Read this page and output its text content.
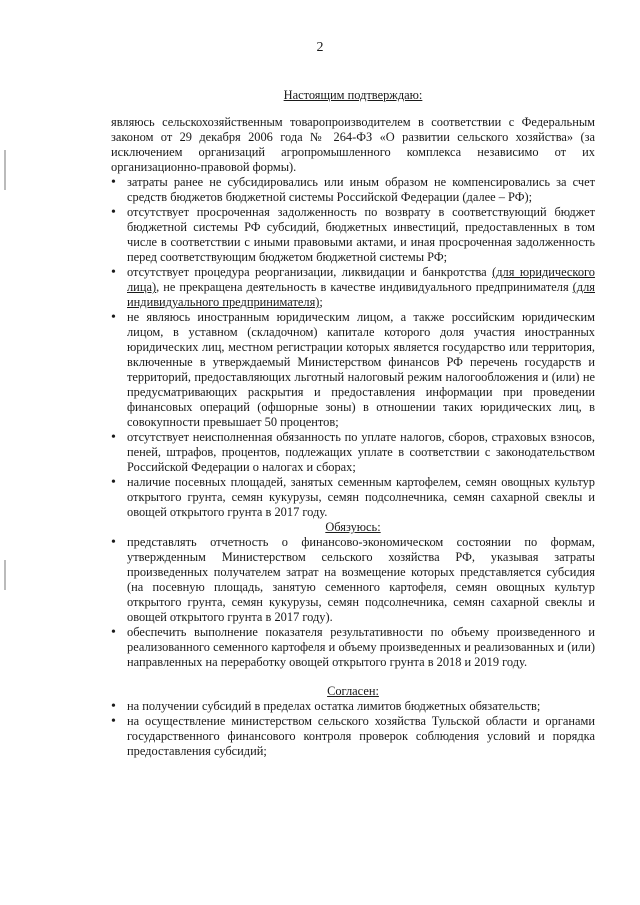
2

Настоящим подтверждаю:

являюсь сельскохозяйственным товаропроизводителем в соответствии с Федеральным законом от 29 декабря 2006 года № 264-ФЗ «О развитии сельского хозяйства» (за исключением организаций агропромышленного комплекса независимо от их организационно-правовой формы).

• затраты ранее не субсидировались или иным образом не компенсировались за счет средств бюджетов бюджетной системы Российской Федерации (далее – РФ);
• отсутствует просроченная задолженность по возврату в соответствующий бюджет бюджетной системы РФ субсидий, бюджетных инвестиций, предоставленных в том числе в соответствии с иными правовыми актами, и иная просроченная задолженность перед соответствующим бюджетом бюджетной системы РФ;
• отсутствует процедура реорганизации, ликвидации и банкротства (для юридического лица), не прекращена деятельность в качестве индивидуального предпринимателя (для индивидуального предпринимателя);
• не являюсь иностранным юридическим лицом, а также российским юридическим лицом, в уставном (складочном) капитале которого доля участия иностранных юридических лиц, местном регистрации которых является государство или территория, включенные в утверждаемый Министерством финансов РФ перечень государств и территорий, предоставляющих льготный налоговый режим налогообложения и (или) не предусматривающих раскрытия и предоставления информации при проведении финансовых операций (офшорные зоны) в отношении таких юридических лиц, в совокупности превышает 50 процентов;
• отсутствует неисполненная обязанность по уплате налогов, сборов, страховых взносов, пеней, штрафов, процентов, подлежащих уплате в соответствии с законодательством Российской Федерации о налогах и сборах;
• наличие посевных площадей, занятых семенным картофелем, семян овощных культур открытого грунта, семян кукурузы, семян подсолнечника, семян сахарной свеклы и овощей открытого грунта в 2017 году.

Обязуюсь:

• представлять отчетность о финансово-экономическом состоянии по формам, утвержденным Министерством сельского хозяйства РФ, указывая затраты произведенных получателем затрат на возмещение которых представляется субсидия (на посевную площадь, занятую семенного картофеля, семян овощных культур открытого грунта, семян кукурузы, семян подсолнечника, семян сахарной свеклы и овощей открытого грунта в 2017 году).
• обеспечить выполнение показателя результативности по объему произведенного и реализованного семенного картофеля и объему произведенных и реализованных и (или) направленных на переработку овощей открытого грунта в 2018 и 2019 году.

Согласен:

• на получении субсидий в пределах остатка лимитов бюджетных обязательств;
• на осуществление министерством сельского хозяйства Тульской области и органами государственного финансового контроля проверок соблюдения условий и порядка предоставления субсидий;
